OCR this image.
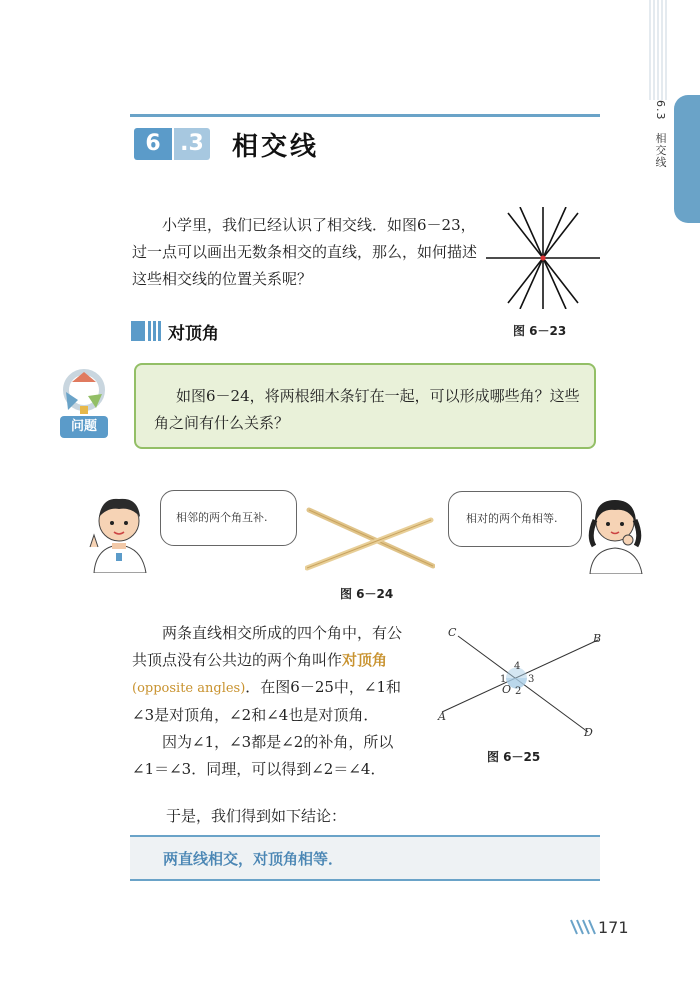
6.3　相交线
6 .3 相交线
小学里，我们已经认识了相交线．如图6－23，过一点可以画出无数条相交的直线，那么，如何描述这些相交线的位置关系呢？
图 6－23
对顶角
问题
如图6－24，将两根细木条钉在一起，可以形成哪些角？这些角之间有什么关系？
相邻的两个角互补.	相对的两个角相等.
图 6－24
两条直线相交所成的四个角中，有公共顶点没有公共边的两个角叫作对顶角(opposite angles)．在图6－25中，∠1和∠3是对顶角，∠2和∠4也是对顶角．
因为∠1，∠3都是∠2的补角，所以∠1＝∠3．同理，可以得到∠2＝∠4．
A
B
C
D
O
1
2
3
4
图 6－25
于是，我们得到如下结论：
两直线相交，对顶角相等．
171
